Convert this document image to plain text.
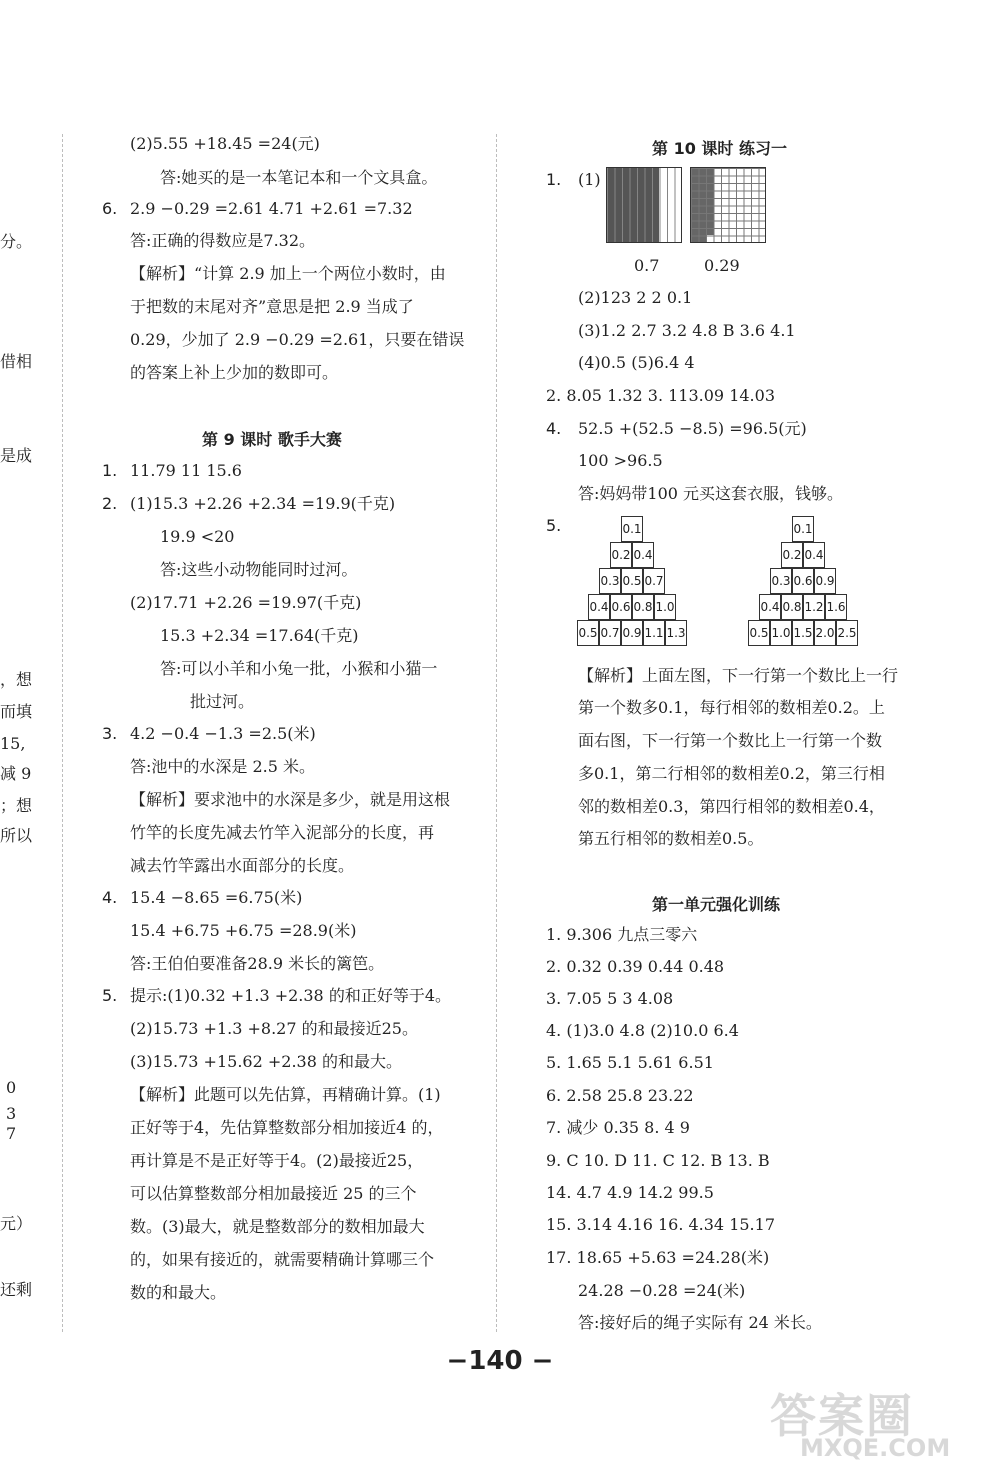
分。
借相
是成
，想
而填
15,
减 9
；想
所以
0
3
7
元）
还剩
(2)5.55 +18.45 =24(元)
答:她买的是一本笔记本和一个文具盒。
6. 2.9 −0.29 =2.61 4.71 +2.61 =7.32
答:正确的得数应是7.32。
【解析】“计算 2.9 加上一个两位小数时，由
于把数的末尾对齐”意思是把 2.9 当成了
0.29，少加了 2.9 −0.29 =2.61，只要在错误
的答案上补上少加的数即可。
第 9 课时 歌手大赛
1. 11.79 11 15.6
2. (1)15.3 +2.26 +2.34 =19.9(千克)
19.9 <20
答:这些小动物能同时过河。
(2)17.71 +2.26 =19.97(千克)
15.3 +2.34 =17.64(千克)
答:可以小羊和小兔一批，小猴和小猫一
批过河。
3. 4.2 −0.4 −1.3 =2.5(米)
答:池中的水深是 2.5 米。
【解析】要求池中的水深是多少，就是用这根
竹竿的长度先减去竹竿入泥部分的长度，再
减去竹竿露出水面部分的长度。
4. 15.4 −8.65 =6.75(米)
15.4 +6.75 +6.75 =28.9(米)
答:王伯伯要准备28.9 米长的篱笆。
5. 提示:(1)0.32 +1.3 +2.38 的和正好等于4。
(2)15.73 +1.3 +8.27 的和最接近25。
(3)15.73 +15.62 +2.38 的和最大。
【解析】此题可以先估算，再精确计算。(1)
正好等于4，先估算整数部分相加接近4 的，
再计算是不是正好等于4。(2)最接近25，
可以估算整数部分相加最接近 25 的三个
数。(3)最大，就是整数部分的数相加最大
的，如果有接近的，就需要精确计算哪三个
数的和最大。
第 10 课时 练习一
1. (1)
0.7	0.29
(2)123 2 2 0.1
(3)1.2 2.7 3.2 4.8 B 3.6 4.1
(4)0.5 (5)6.4 4
2. 8.05 1.32 3. 113.09 14.03
4. 52.5 +(52.5 −8.5) =96.5(元)
100 >96.5
答:妈妈带100 元买这套衣服，钱够。
5.	0.1
0.2 0.4
0.3 0.5 0.7
0.4 0.6 0.8 1.0
0.5 0.7 0.9 1.1 1.3
0.1
0.2 0.4
0.3 0.6 0.9
0.4 0.8 1.2 1.6
0.5 1.0 1.5 2.0 2.5
【解析】上面左图，下一行第一个数比上一行
第一个数多0.1，每行相邻的数相差0.2。上
面右图，下一行第一个数比上一行第一个数
多0.1，第二行相邻的数相差0.2，第三行相
邻的数相差0.3，第四行相邻的数相差0.4，
第五行相邻的数相差0.5。
第一单元强化训练
1. 9.306 九点三零六
2. 0.32 0.39 0.44 0.48
3. 7.05 5 3 4.08
4. (1)3.0 4.8 (2)10.0 6.4
5. 1.65 5.1 5.61 6.51
6. 2.58 25.8 23.22
7. 减少 0.35 8. 4 9
9. C 10. D 11. C 12. B 13. B
14. 4.7 4.9 14.2 99.5
15. 3.14 4.16 16. 4.34 15.17
17. 18.65 +5.63 =24.28(米)
24.28 −0.28 =24(米)
答:接好后的绳子实际有 24 米长。
−140 −
答案圈
MXQE.COM
